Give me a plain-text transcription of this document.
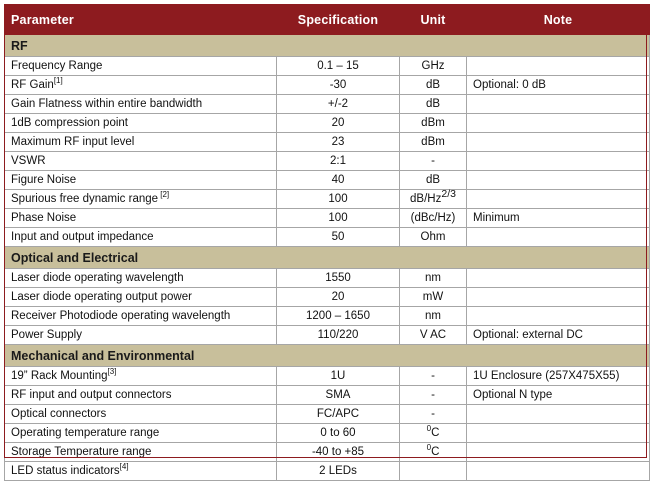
Parameter	Specification	Unit	Note
RF			
Frequency Range	0.1 – 15	GHz	
RF Gain[1]	-30	dB	Optional: 0 dB
Gain Flatness within entire bandwidth	+/-2	dB	
1dB compression point	20	dBm	
Maximum RF input level	23	dBm	
VSWR	2:1	-	
Figure Noise	40	dB	
Spurious free dynamic range [2]	100	$dB/Hz^{2/3}$	
Phase Noise	100	(dBc/Hz)	Minimum
Input and output impedance	50	Ohm	
Optical and Electrical			
Laser diode operating wavelength	1550	nm	
Laser diode operating output power	20	mW	
Receiver Photodiode operating wavelength	1200 – 1650	nm	
Power Supply	110/220	V AC	Optional: external DC
Mechanical and Environmental			
19” Rack Mounting[3]	1U	-	1U Enclosure (257X475X55)
RF input and output connectors	SMA	-	Optional N type
Optical connectors	FC/APC	-	
Operating temperature range	0 to 60	$^0$C	
Storage Temperature range	-40 to +85	$^0$C	
LED status indicators[4]	2 LEDs		
